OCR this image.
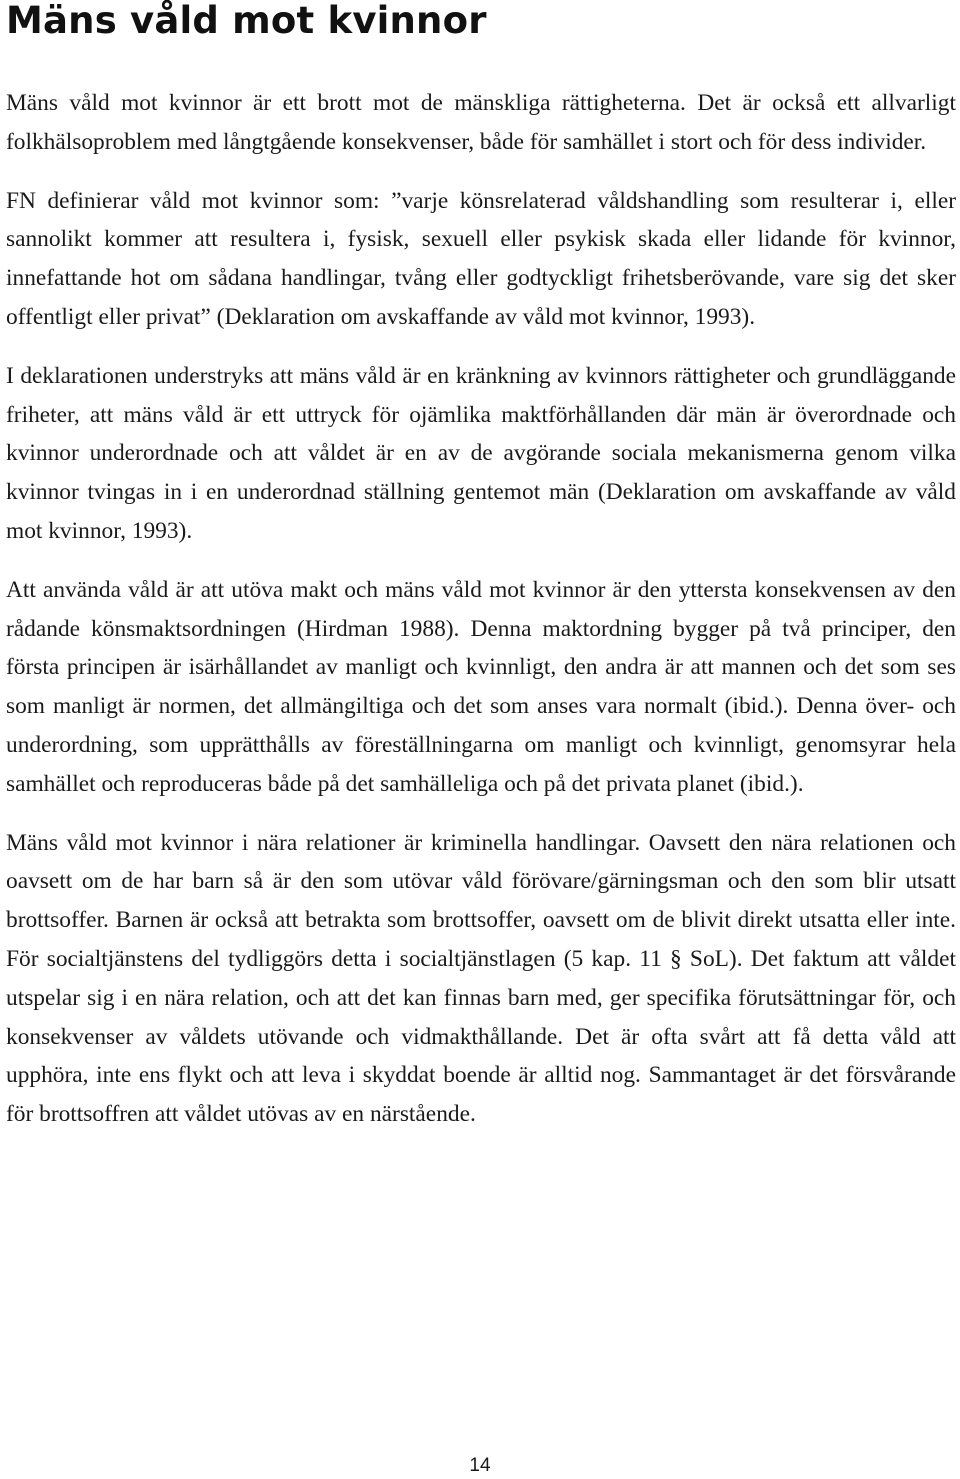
Mäns våld mot kvinnor

Mäns våld mot kvinnor är ett brott mot de mänskliga rättigheterna. Det är också ett allvarligt folkhälsoproblem med långtgående konsekvenser, både för samhället i stort och för dess individer.

FN definierar våld mot kvinnor som: ”varje könsrelaterad våldshandling som resulterar i, eller sannolikt kommer att resultera i, fysisk, sexuell eller psykisk skada eller lidande för kvinnor, innefattande hot om sådana handlingar, tvång eller godtyckligt frihetsberövande, vare sig det sker offentligt eller privat” (Deklaration om avskaffande av våld mot kvinnor, 1993).

I deklarationen understryks att mäns våld är en kränkning av kvinnors rättigheter och grundläggande friheter, att mäns våld är ett uttryck för ojämlika maktförhållanden där män är överordnade och kvinnor underordnade och att våldet är en av de avgörande sociala mekanismerna genom vilka kvinnor tvingas in i en underordnad ställning gentemot män (Deklaration om avskaffande av våld mot kvinnor, 1993).

Att använda våld är att utöva makt och mäns våld mot kvinnor är den yttersta konsekvensen av den rådande könsmaktsordningen (Hirdman 1988). Denna maktordning bygger på två principer, den första principen är isärhållandet av manligt och kvinnligt, den andra är att mannen och det som ses som manligt är normen, det allmängiltiga och det som anses vara normalt (ibid.). Denna över- och underordning, som upprätthålls av föreställningarna om manligt och kvinnligt, genomsyrar hela samhället och reproduceras både på det samhälleliga och på det privata planet (ibid.).

Mäns våld mot kvinnor i nära relationer är kriminella handlingar. Oavsett den nära relationen och oavsett om de har barn så är den som utövar våld förövare/gärningsman och den som blir utsatt brottsoffer. Barnen är också att betrakta som brottsoffer, oavsett om de blivit direkt utsatta eller inte. För socialtjänstens del tydliggörs detta i socialtjänstlagen (5 kap. 11 § SoL). Det faktum att våldet utspelar sig i en nära relation, och att det kan finnas barn med, ger specifika förutsättningar för, och konsekvenser av våldets utövande och vidmakthållande. Det är ofta svårt att få detta våld att upphöra, inte ens flykt och att leva i skyddat boende är alltid nog. Sammantaget är det försvårande för brottsoffren att våldet utövas av en närstående.

14
